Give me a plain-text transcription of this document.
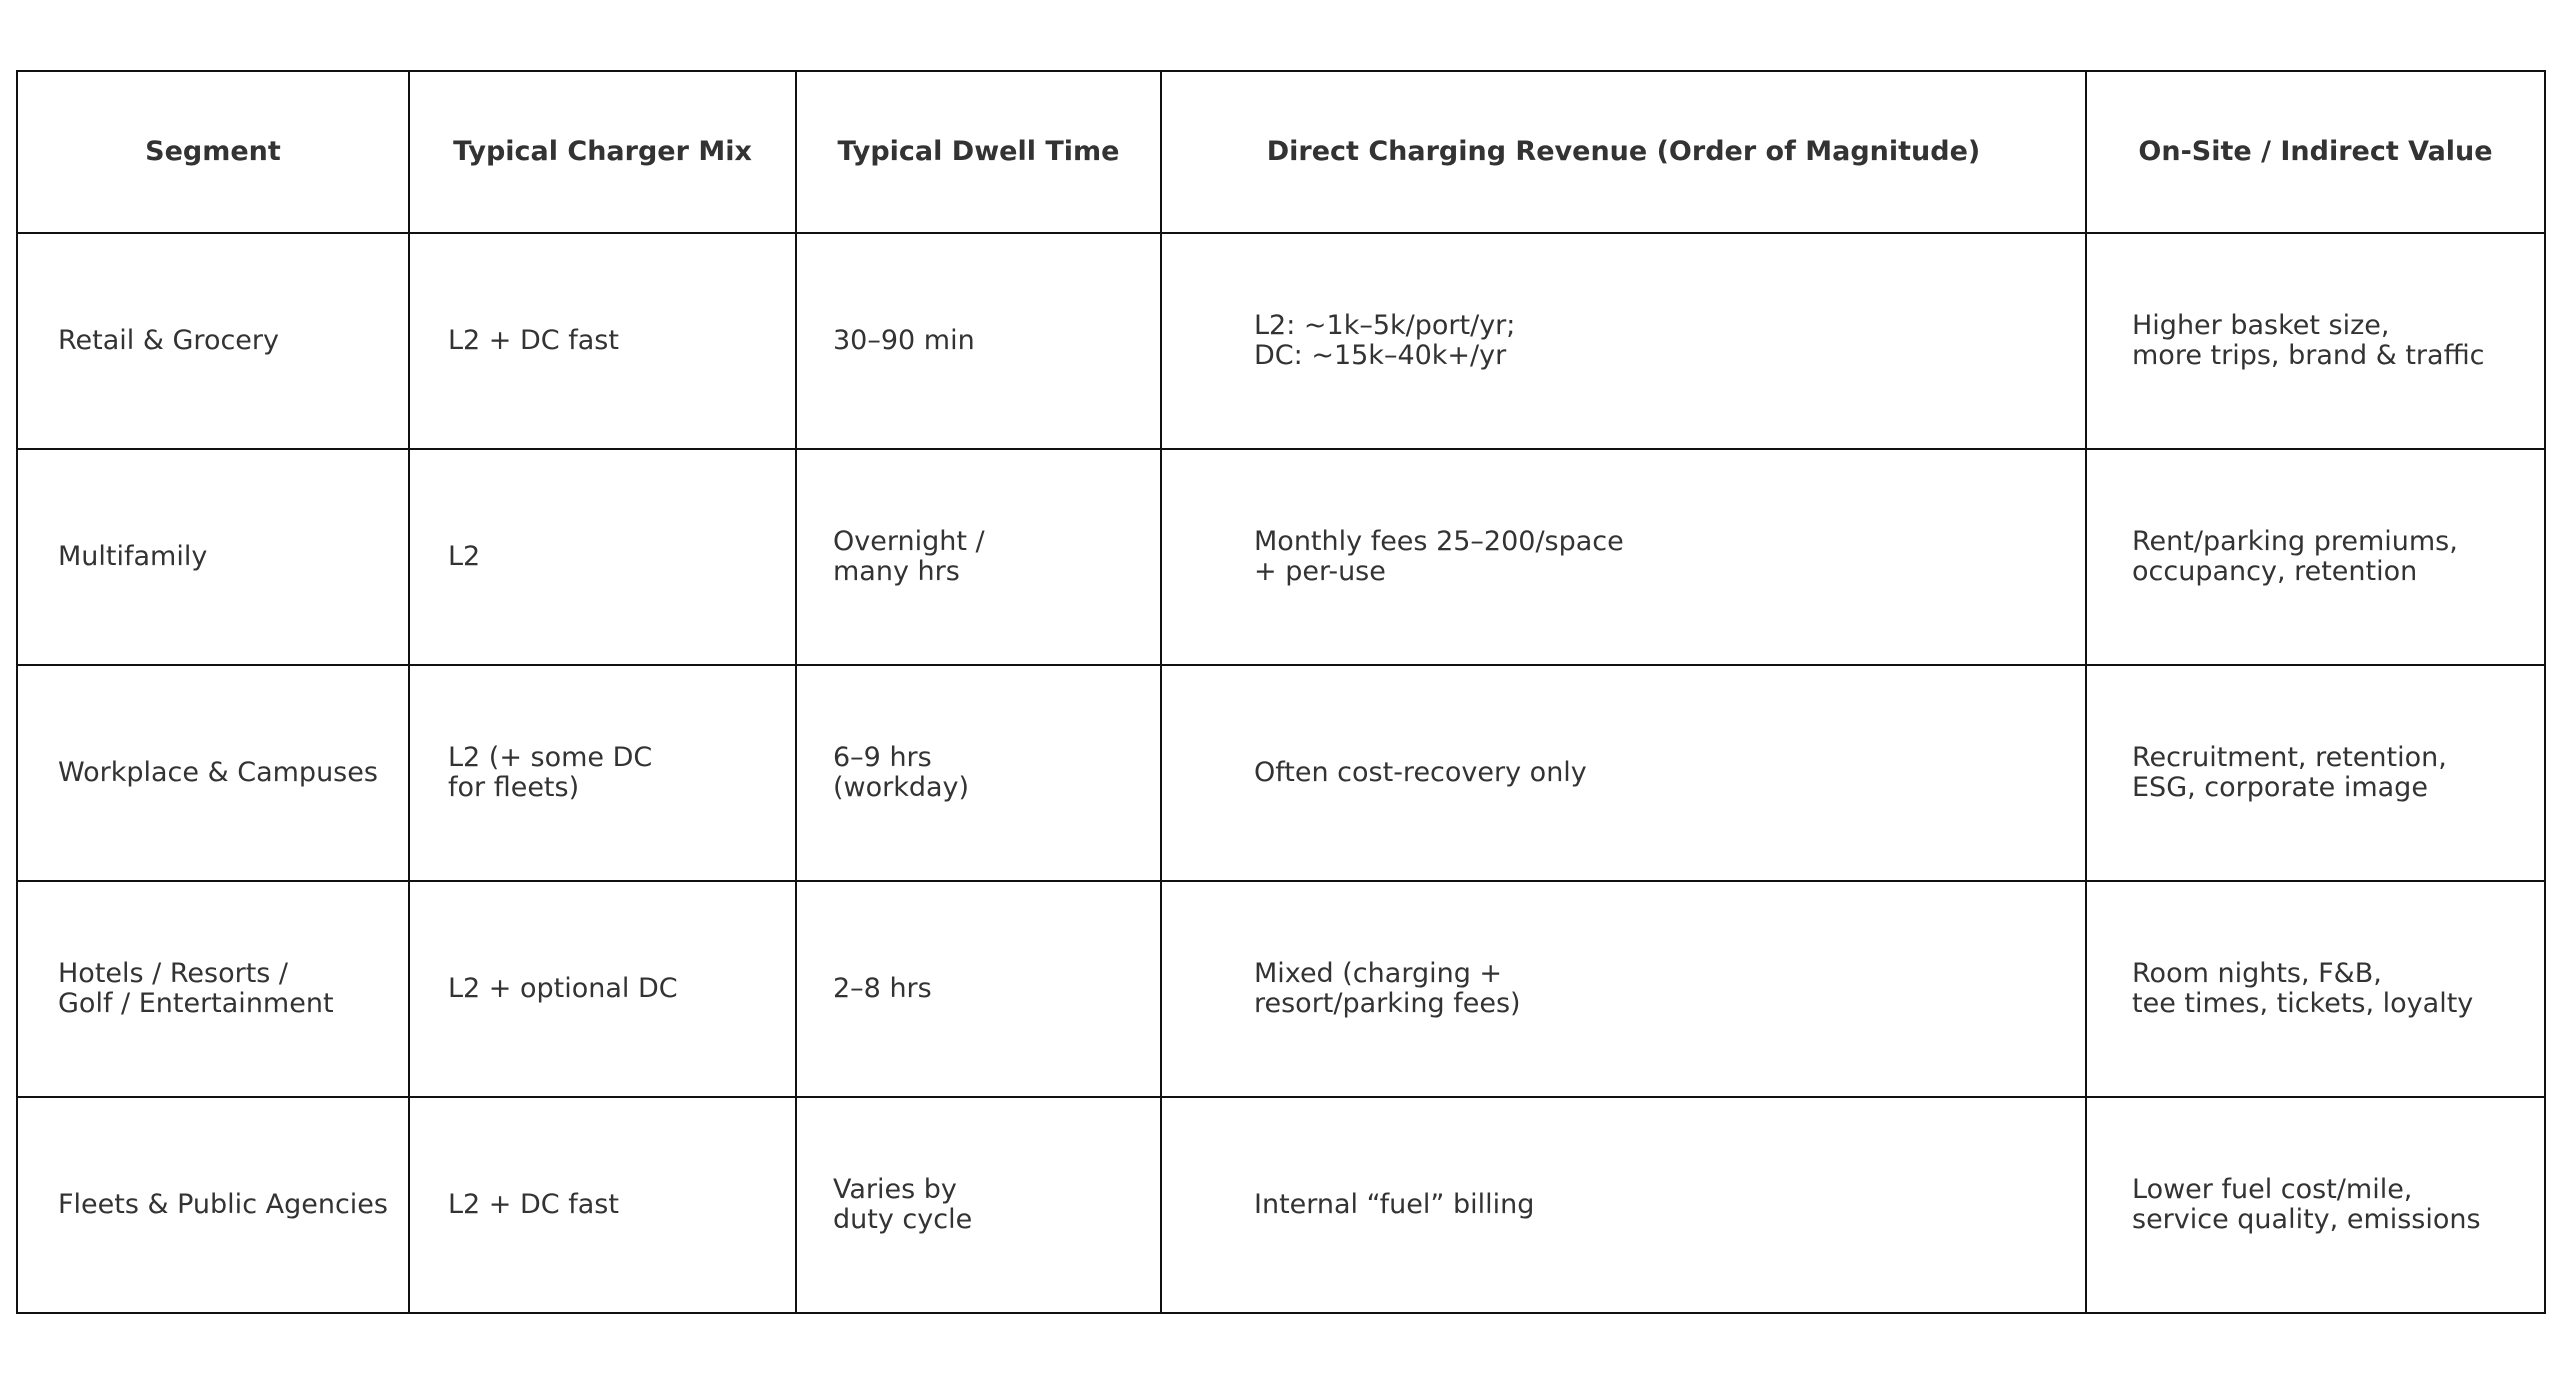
Segment	Typical Charger Mix	Typical Dwell Time	Direct Charging Revenue (Order of Magnitude)	On-Site / Indirect Value

Retail & Grocery	L2 + DC fast	30–90 min	L2: ~1k–5k/port/yr;
DC: ~15k–40k+/yr	Higher basket size,
more trips, brand & traffic

Multifamily	L2	Overnight /
many hrs	Monthly fees 25–200/space
+ per-use	Rent/parking premiums,
occupancy, retention

Workplace & Campuses	L2 (+ some DC
for fleets)	6–9 hrs
(workday)	Often cost-recovery only	Recruitment, retention,
ESG, corporate image

Hotels / Resorts /
Golf / Entertainment	L2 + optional DC	2–8 hrs	Mixed (charging +
resort/parking fees)	Room nights, F&B,
tee times, tickets, loyalty

Fleets & Public Agencies	L2 + DC fast	Varies by
duty cycle	Internal “fuel” billing	Lower fuel cost/mile,
service quality, emissions
